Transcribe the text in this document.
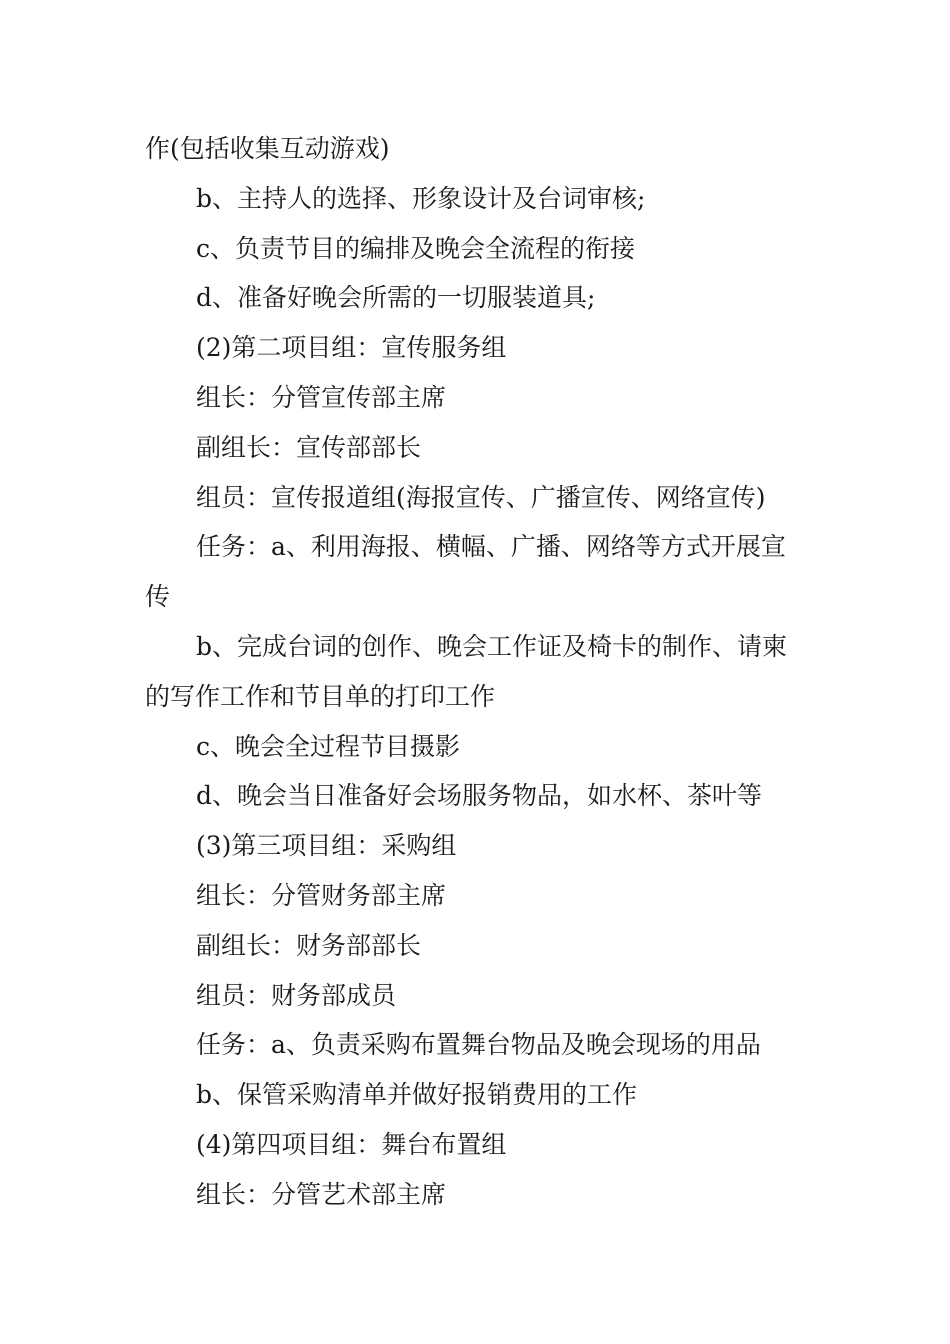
作(包括收集互动游戏)

b、主持人的选择、形象设计及台词审核;

c、负责节目的编排及晚会全流程的衔接

d、准备好晚会所需的一切服装道具;

(2)第二项目组：宣传服务组

组长：分管宣传部主席

副组长：宣传部部长

组员：宣传报道组(海报宣传、广播宣传、网络宣传)

任务：a、利用海报、横幅、广播、网络等方式开展宣

传

b、完成台词的创作、晚会工作证及椅卡的制作、请柬

的写作工作和节目单的打印工作

c、晚会全过程节目摄影

d、晚会当日准备好会场服务物品，如水杯、茶叶等

(3)第三项目组：采购组

组长：分管财务部主席

副组长：财务部部长

组员：财务部成员

任务：a、负责采购布置舞台物品及晚会现场的用品

b、保管采购清单并做好报销费用的工作

(4)第四项目组：舞台布置组

组长：分管艺术部主席
